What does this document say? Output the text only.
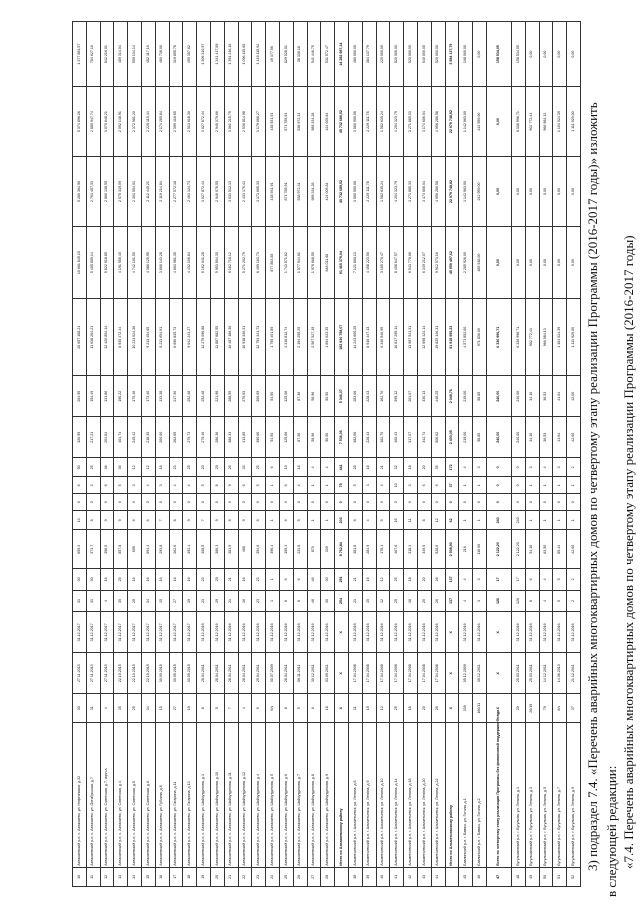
10	Азнакаевский р-н, с. Азнакаево, ул. Нефтяников, д.32	30	27.11.2015	31.12.2017	31	30	659,3	13	0	6	50	320,95	204,95	20 657 108,21	10 661 845,15	5 280 364,90	5 374 896,26	1 377 863,57
11	Азнакаевский р-н, с. Азнакаево, ул. Октябрьская, д.7	31	27.11.2015	31.12.2017	31	30	371,7	8	0	3	25	217,21	154,49	11 638 264,21	5 405 859,14	2 761 457,33	2 885 947,74	784 627,10
12	Азнакаевский р-н, с. Азнакаево, ул. Советская, д.7, корп.а	4	27.11.2015	31.12.2017	4	16	396,5	9	0	6	36	204,84	131,86	12 420 854,14	5 822 918,85	2 860 138,55	3 070 648,21	842 216,01
13	Азнакаевский р-н, с. Азнакаево, ул. Советская, д.4	35	22.10.2015	31.12.2017	35	25	857,8	9	0	5	36	404,74	190,22	8 935 472,44	4 191 556,40	2 075 319,09	2 092 148,91	489 314,04
14	Азнакаевский р-н, с. Азнакаево, ул. Советская, д.5	25	22.10.2015	31.12.2017	25	16	695	6	0	3	12	245,42	175,46	10 211 024,30	4 742 101,50	2 301 554,01	2 372 981,20	559 134,14
15	Азнакаевский р-н, с. Азнакаево, ул. Советская, д.6	34	22.10.2015	31.12.2017	34	16	694,4	6	0	4	12	218,35	173,40	9 213 454,65	4 386 125,95	2 112 445,21	2 225 115,44	482 117,16
16	Азнакаевский р-н, с. Азнакаево, ул. Губкина, д.8	15	30.09.2015	31.12.2017	15	16	293,8	7	0	3	18	200,00	133,38	8 211 654,91	3 868 143,28	2 119 214,84	2 174 285,84	460 738,00
17	Азнакаевский р-н, с. Азнакаево, ул. Гагарина, д.11	27	30.09.2015	31.12.2017	27	16	262,6	8	0	4	23	262,65	217,30	6 690 835,73	4 663 981,35	2 277 572,18	2 399 416,65	319 855,78
18	Азнакаевский р-н, с. Азнакаево, ул. Гагарина, д.13	19	30.09.2015	31.12.2017	19	16	392,4	9	0	4	25	279,73	252,48	9 042 243,27	4 432 106,64	2 461 124,73	2 513 618,30	490 357,82
19	Азнакаевский р-н, с. Азнакаево, ул. Шайхутдинова, д.1	8	28.04.2011	31.12.2016	23	23	308,5	7	0	5	20	279,46	252,48	12 279 096,88	6 162 041,28	3 027 872,44	3 027 872,44	1 306 310,97
20	Азнакаевский р-н, с. Азнакаево, ул. Шайхутдинова, д.10	5	28.04.2011	31.12.2016	29	29	386,3	9	0	8	29	286,36	221,98	11 887 882,55	5 953 804,35	2 946 078,55	2 948 379,66	1 341 417,89
21	Азнакаевский р-н, с. Азнакаево, ул. Шайхутдинова, д.11	7	28.04.2011	31.12.2016	21	21	381,9	8	0	9	26	386,33	288,55	10 487 186,30	6 182 718,12	3 031 512,13	3 061 215,75	1 391 216,16
22	Азнакаевский р-н, с. Азнакаево, ул. Шайхутдинова, д.12	4	28.04.2011	31.12.2016	16	16	468	9	0	6	33	413,85	276,93	10 918 336,31	5 271 202,79	2 433 176,41	2 536 814,98	1 096 115,65
23	Азнакаевский р-н, с. Азнакаево, ул. Шайхутдинова, д.4	5	29.04.2011	31.12.2016	23	23	394,6	8	0	5	25	390,60	306,69	12 793 341,73	6 409 163,73	3 173 665,33	3 179 066,27	1 449 115,92
24	Азнакаевский р-н, с. Азнакаево, ул. Шайхутдинова, д.5	6/ч	30.07.2009	31.12.2016	1	1	396,4	1	0	1	6	54,50	54,50	1 795 401,89	877 863,85	438 931,91	438 931,91	49 377,56
25	Азнакаевский р-н, с. Азнакаево, ул. Шайхутдинова, д.6	8	28.04.2011	31.12.2016	6	6	199,4	6	0	6	19	125,06	125,06	4 316 812,74	1 743 571,82	871 785,91	871 785,91	829 528,01
26	Азнакаевский р-н, с. Азнакаево, ул. Шайхутдинова, д.7	5	06.11.2011	31.12.2016	6	6	234,8	5	0	4	18	87,36	87,36	2 194 255,25	1 077 944,61	538 972,31	538 972,31	38 336,18
27	Азнакаевский р-н, с. Азнакаево, ул. Шайхутдинова, д.8	6	30.12.2011	31.12.2016	46	46	870	1	0	1	4	58,96	58,96	2 567 527,19	1 978 668,55	989 334,28	989 334,28	541 446,75
28	Азнакаевский р-н, с. Азнакаево, ул. Шайхутдинова, д.9	18	03.09.2011	31.12.2016	30	30	339	1	0	1	4	50,50	50,50	1 694 023,35	848 011,68	424 005,84	424 005,84	531 572,47
	Итого по Азнакаевскому району	X	X	X	254	251	8 762,84	203	0	79	441	7 536,06	5 346,07	182 930 758,07	91 465 379,04	45 732 689,52	45 732 689,52	14 282 987,14
38	Альметьевский р-н, г. Альметьевск, ул. Ленина, д.8	11	17.04.2008	31.12.2016	21	21	381,8	6	0	5	28	382,06	283,06	14 243 600,25	7 121 800,13	3 560 900,06	3 560 900,06	480 000,00
39	Альметьевский р-н, г. Альметьевск, ул. Ленина, д.9	15	17.04.2008	31.12.2016	15	15	284,9	4	0	3	18	228,43	228,43	8 916 447,13	4 458 223,56	2 229 111,78	2 229 111,78	384 137,79
40	Альметьевский р-н, г. Альметьевск, ул. Ленина, д.10	12	17.04.2008	31.12.2016	12	12	178,1	5	0	4	21	162,70	162,70	6 330 540,95	3 165 270,47	1 582 635,24	1 582 635,24	220 000,00
41	Альметьевский р-н, г. Альметьевск, ул. Ленина, д.14	25	17.04.2008	31.12.2016	25	25	467,6	16	0	10	32	460,43	395,12	16 817 295,14	8 408 647,57	4 204 323,79	4 204 323,79	820 000,00
42	Альметьевский р-н, г. Альметьевск, ул. Ленина, д.18	18	17.04.2008	31.12.2016	18	18	318,4	11	0	3	18	317,07	201,07	13 087 541,31	6 543 770,66	3 271 885,33	3 271 885,33	520 000,00
43	Альметьевский р-н, г. Альметьевск, ул. Ленина, д.20	20	17.04.2008	31.12.2016	20	20	349,5	8	0	6	20	342,74	330,13	12 698 424,14	6 349 212,07	3 174 606,04	3 174 606,04	640 000,00
44	Альметьевский р-н, г. Альметьевск, ул. Ленина, д.22	26	17.04.2008	31.12.2016	26	26	528,6	12	0	6	35	506,62	448,25	19 825 146,31	9 912 573,16	4 956 286,58	4 956 286,58	520 000,00
	Итого по Альметьевскому району	X	X	X	137	137	2 508,90	62	0	37	172	2 400,05	2 048,76	91 918 995,23	45 959 497,62	22 979 748,82	22 979 748,82	3 584 137,79
45	Бавлинский р-н, г. Бавлы, ул. Гоголя, д.1	339	05.12.2009	31.12.2016	4	4	216	1	0	1	4	219,00	219,00	4 571 852,00	2 285 926,00	1 142 963,00	1 142 963,00	108 000,00
46	Бавлинский р-н, г. Бавлы, ул. Гоголя, д.2	160/11	30.12.2011	31.12.2016	3	3	116,00	1	0	1	3	58,85	58,85	971 836,00	485 918,00	242 959,00	242 959,00	0,00
47	Всего по четвертому этапу реализации Программы без финансовой поддержки Фонда	X	X	X	126	17	2 122,20	240	0	0	0	240,00	240,00	6 336 996,71	0,00	0,00	0,00	158 534,05
48	Бугульминский р-н, г. Бугульма, ул. Ленина, д.1	20	25.03.2011	31.12.2016	126	17	2 122,20	240	0	0	0	240,00	240,00	6 336 996,71	0,00	0,00	6 336 996,71	158 534,05
49	Бугульминский р-н, г. Бугульма, ул. Ленина, д.3	20/19	25.03.2011	31.12.2016	6	6	54,10	1	0	1	3	34,10	34,10	902 772,44	0,00	0,00	902 772,44	0,00
50	Бугульминский р-н, г. Бугульма, ул. Ленина, д.5	79	14.12.2011	31.12.2016	4	4	63,50	1	0	1	4	36,53	36,53	966 984,13	0,00	0,00	966 984,13	0,00
51	Бугульминский р-н, г. Бугульма, ул. Ленина, д.7	6/ч	14.06.2010	31.12.2016	5	5	85,44	1	0	1	3	41,64	41,64	1 104 024,39	0,00	0,00	1 104 024,39	0,00
52	Бугульминский р-н, г. Бугульма, ул. Ленина, д.9	37	21.12.2011	31.12.2016	2	2	42,00	1	0	1	2	42,00	42,00	1 111 929,00	0,00	0,00	1 111 929,00	0,00
3) подраздел 7.4. «Перечень аварийных многоквартирных домов по четвертому этапу реализации Программы (2016-2017 годы)» изложить в следующей редакции: «7.4. Перечень аварийных многоквартирных домов по четвертому этапу реализации Программы (2016-2017 годы)
